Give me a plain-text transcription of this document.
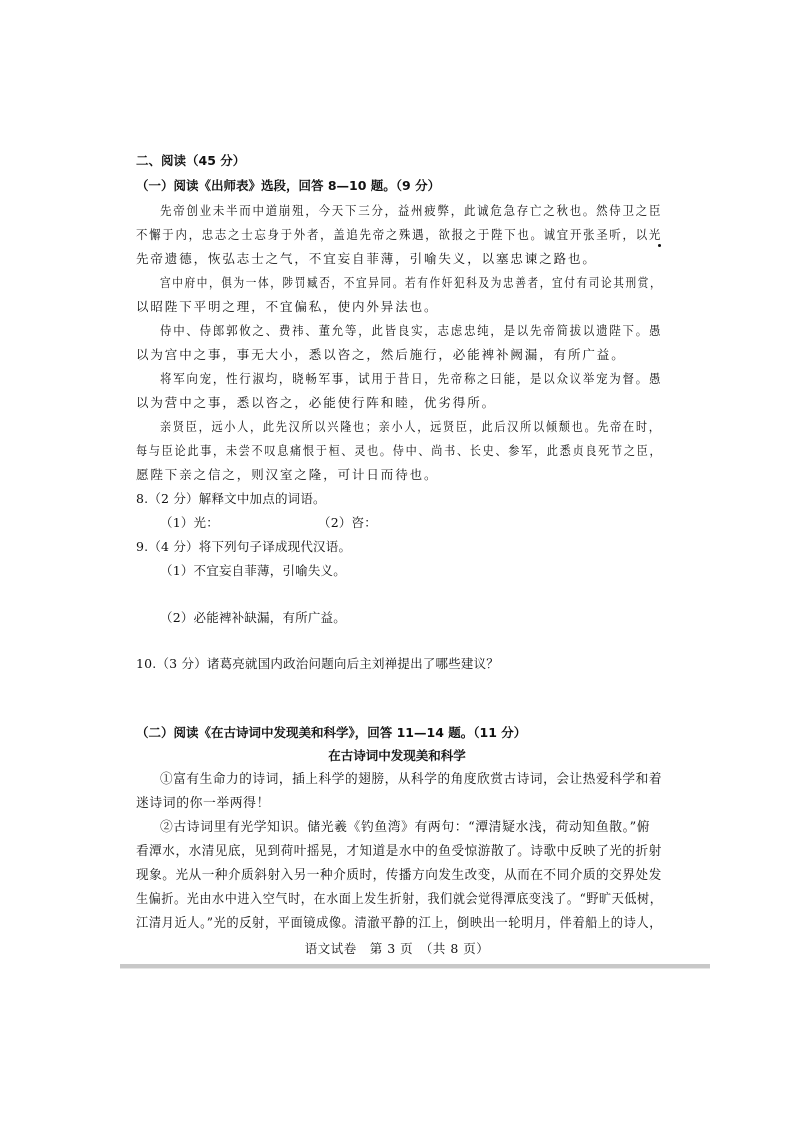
二、阅读（45 分）
（一）阅读《出师表》选段，回答 8—10 题。（9 分）
先帝创业未半而中道崩殂，今天下三分，益州疲弊，此诚危急存亡之秋也。然侍卫之臣
不懈于内，忠志之士忘身于外者，盖追先帝之殊遇，欲报之于陛下也。诚宜开张圣听，以光
先帝遗德，恢弘志士之气，不宜妄自菲薄，引喻失义，以塞忠谏之路也。
宫中府中，俱为一体，陟罚臧否，不宜异同。若有作奸犯科及为忠善者，宜付有司论其刑赏，
以昭陛下平明之理，不宜偏私，使内外异法也。
侍中、侍郎郭攸之、费祎、董允等，此皆良实，志虑忠纯，是以先帝简拔以遗陛下。愚
以为宫中之事，事无大小，悉以咨之，然后施行，必能裨补阙漏，有所广益。
将军向宠，性行淑均，晓畅军事，试用于昔日，先帝称之曰能，是以众议举宠为督。愚
以为营中之事，悉以咨之，必能使行阵和睦，优劣得所。
亲贤臣，远小人，此先汉所以兴隆也；亲小人，远贤臣，此后汉所以倾颓也。先帝在时，
每与臣论此事，未尝不叹息痛恨于桓、灵也。侍中、尚书、长史、参军，此悉贞良死节之臣，
愿陛下亲之信之，则汉室之隆，可计日而待也。
8.（2 分）解释文中加点的词语。
（1）光：	（2）咨：
9.（4 分）将下列句子译成现代汉语。
（1）不宜妄自菲薄，引喻失义。
（2）必能裨补缺漏，有所广益。
10.（3 分）诸葛亮就国内政治问题向后主刘禅提出了哪些建议？
（二）阅读《在古诗词中发现美和科学》，回答 11—14 题。（11 分）
在古诗词中发现美和科学
①富有生命力的诗词，插上科学的翅膀，从科学的角度欣赏古诗词，会让热爱科学和着
迷诗词的你一举两得！
②古诗词里有光学知识。储光羲《钓鱼湾》有两句：“潭清疑水浅，荷动知鱼散。”俯
看潭水，水清见底，见到荷叶摇晃，才知道是水中的鱼受惊游散了。诗歌中反映了光的折射
现象。光从一种介质斜射入另一种介质时，传播方向发生改变，从而在不同介质的交界处发
生偏折。光由水中进入空气时，在水面上发生折射，我们就会觉得潭底变浅了。“野旷天低树，
江清月近人。”光的反射，平面镜成像。清澈平静的江上，倒映出一轮明月，伴着船上的诗人，
语文试卷　第 3 页　（共 8 页）
